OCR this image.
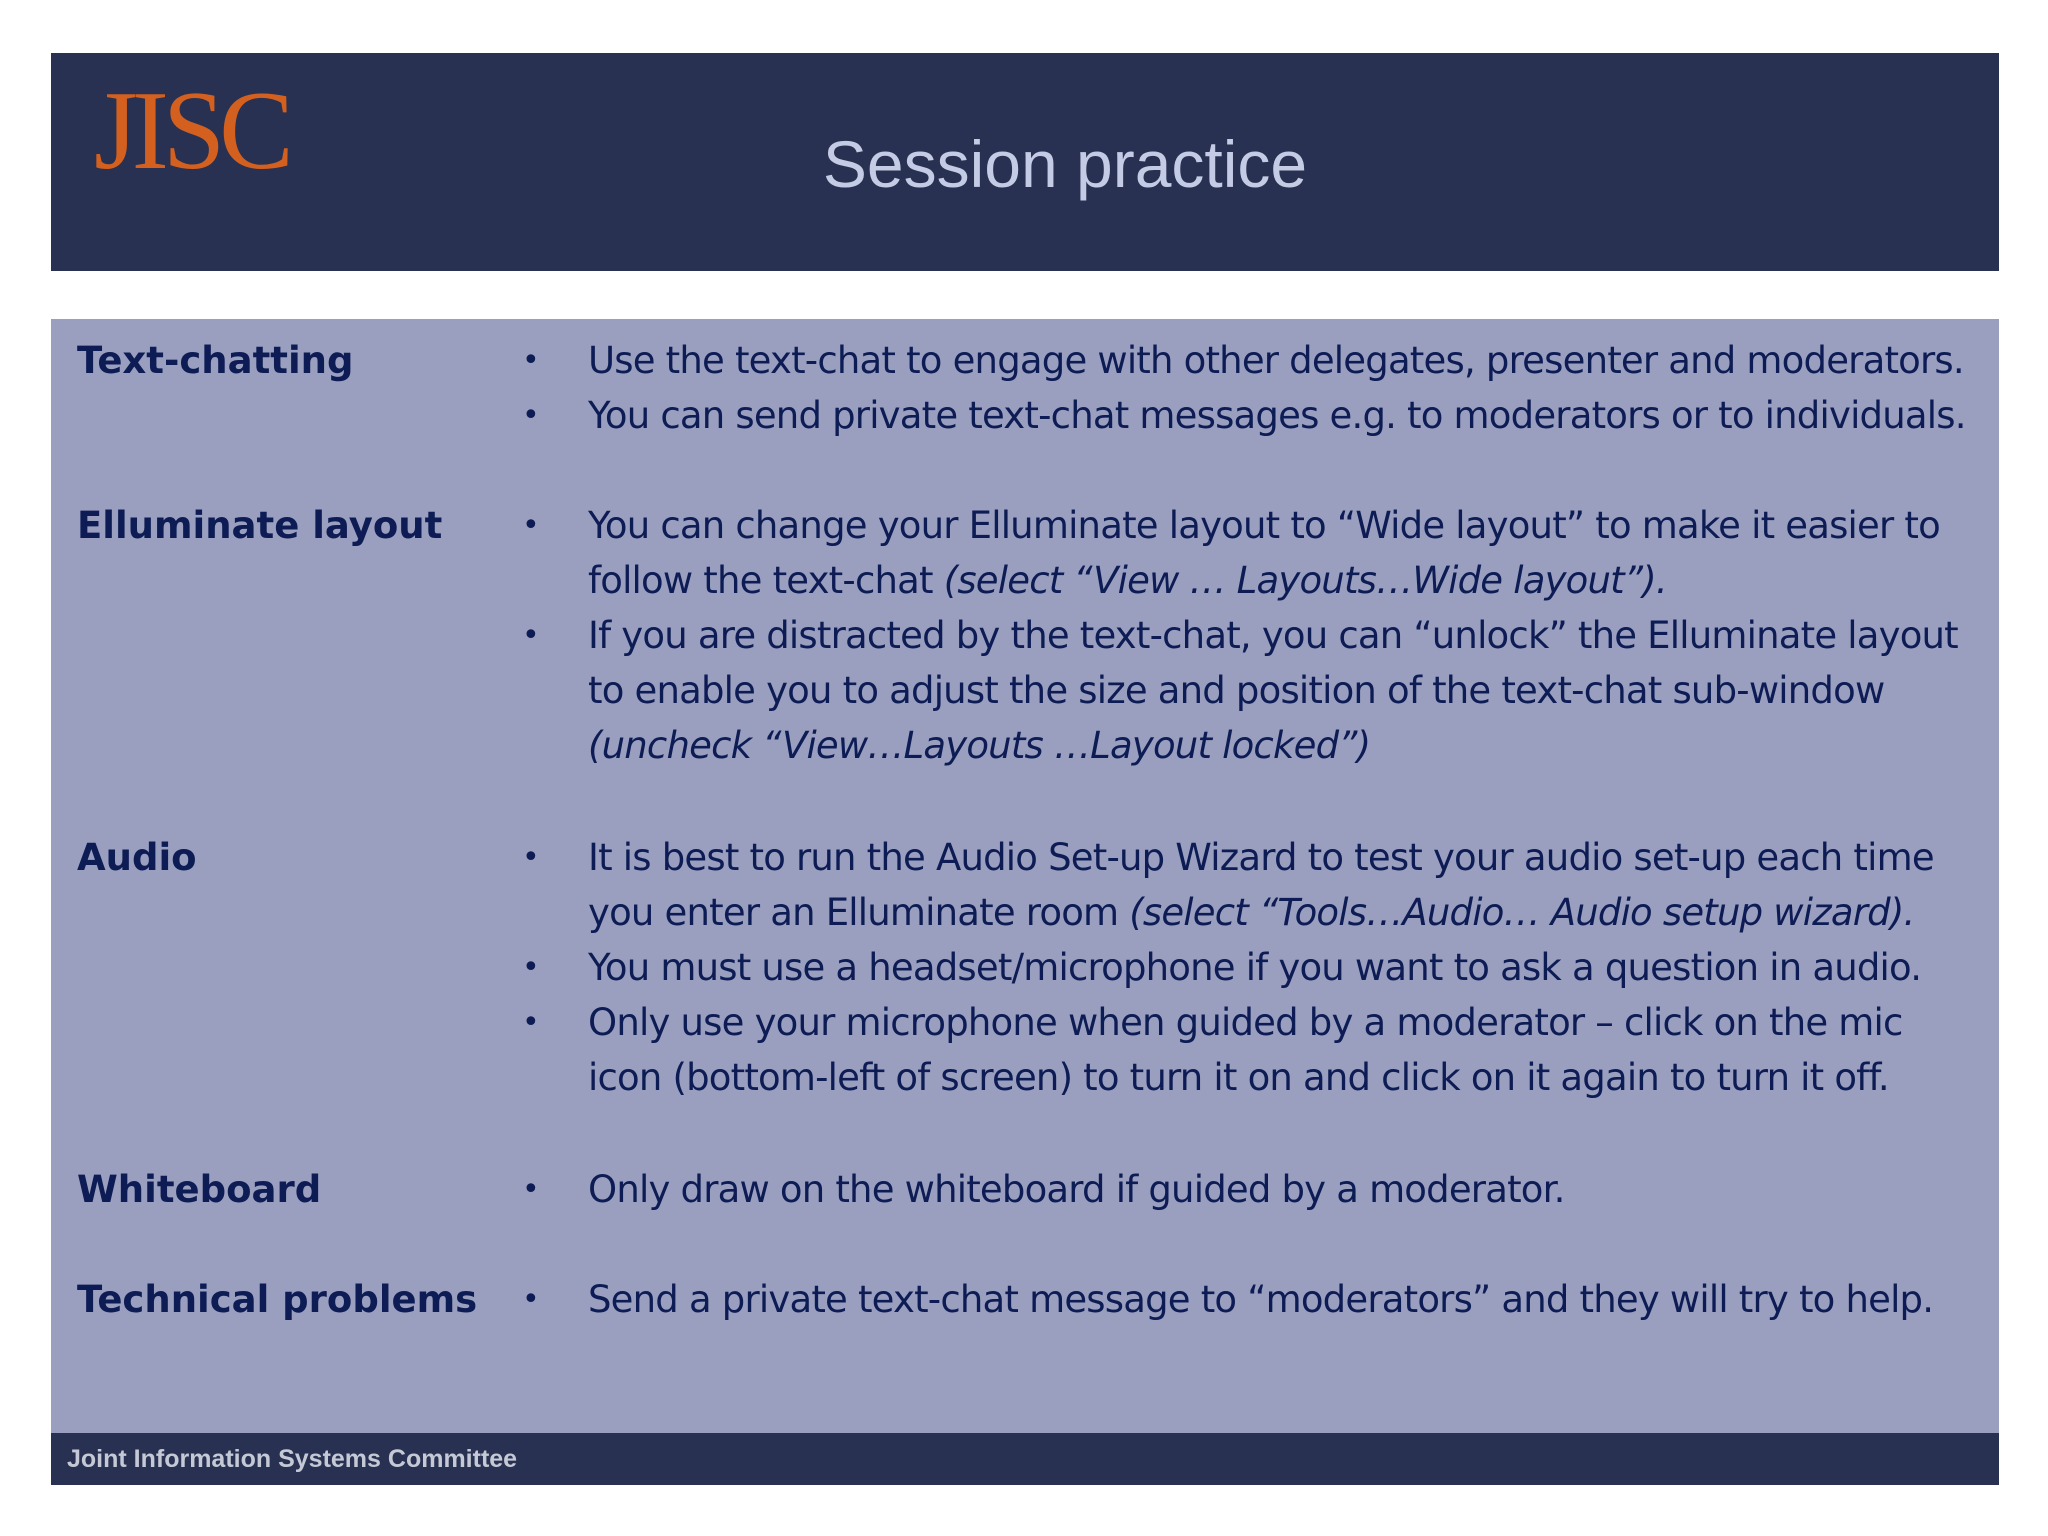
JISC	Session practice
Text-chatting	• Use the text-chat to engage with other delegates, presenter and moderators.
• You can send private text-chat messages e.g. to moderators or to individuals.
Elluminate layout	• You can change your Elluminate layout to “Wide layout” to make it easier to follow the text-chat (select “View … Layouts…Wide layout”).
• If you are distracted by the text-chat, you can “unlock” the Elluminate layout to enable you to adjust the size and position of the text-chat sub-window (uncheck “View…Layouts …Layout locked”)
Audio	• It is best to run the Audio Set-up Wizard to test your audio set-up each time you enter an Elluminate room (select “Tools…Audio… Audio setup wizard).
• You must use a headset/microphone if you want to ask a question in audio.
• Only use your microphone when guided by a moderator – click on the mic icon (bottom-left of screen) to turn it on and click on it again to turn it off.
Whiteboard	• Only draw on the whiteboard if guided by a moderator.
Technical problems • Send a private text-chat message to “moderators” and they will try to help.
Joint Information Systems Committee
